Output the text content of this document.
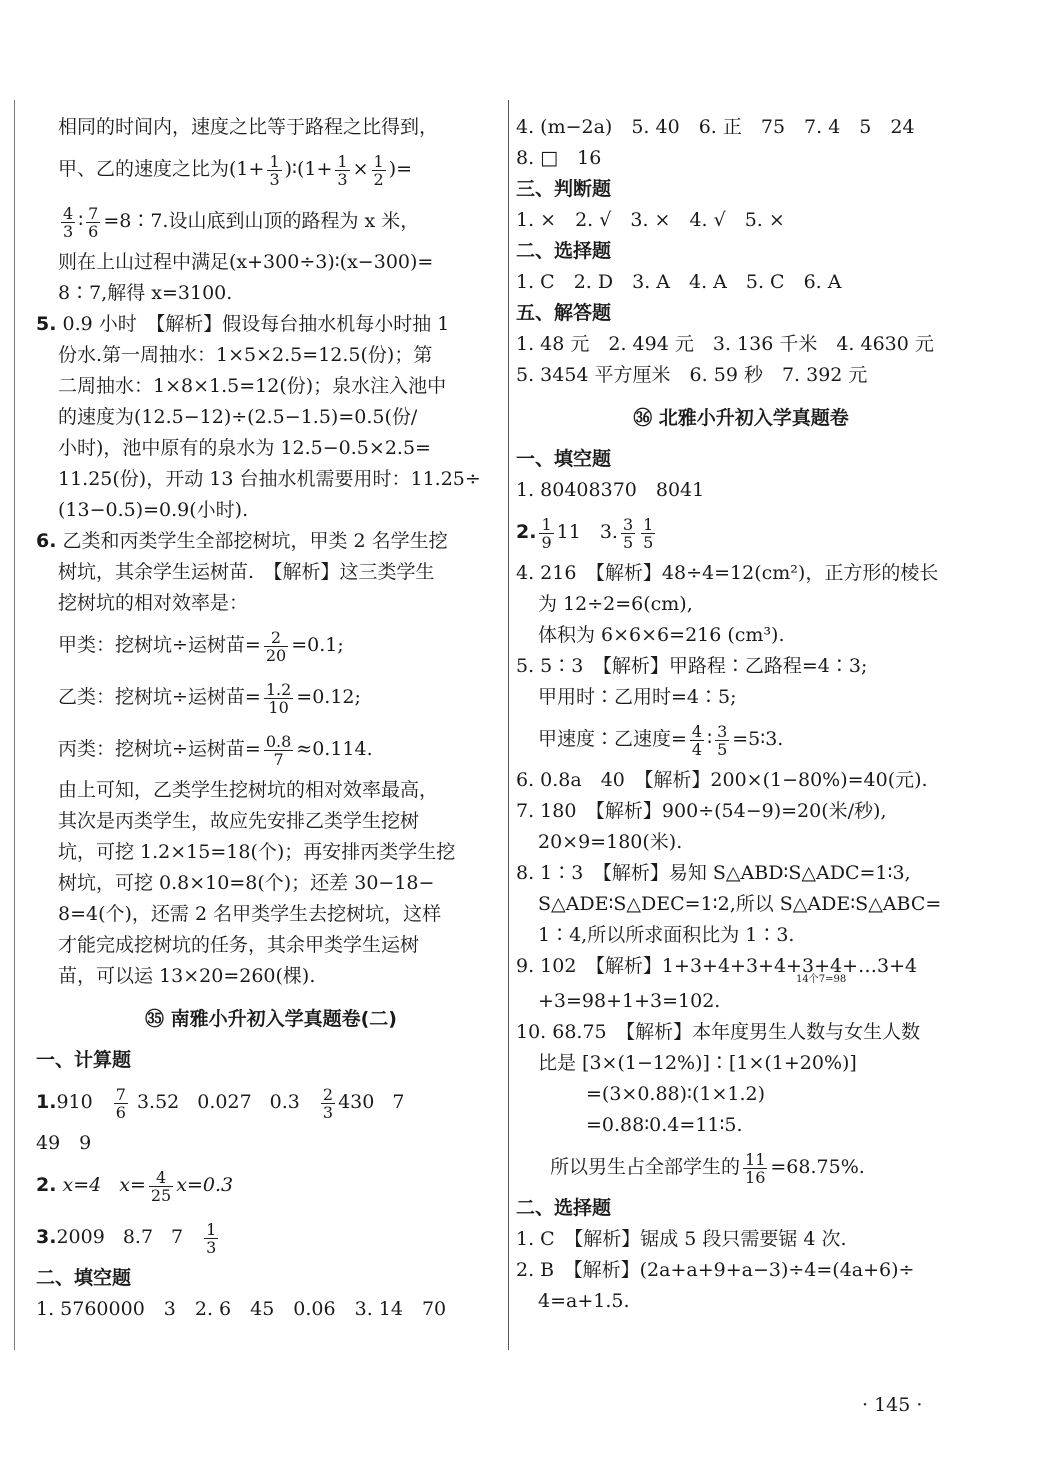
相同的时间内，速度之比等于路程之比得到，
甲、乙的速度之比为($1+ \frac{1}{3}$ )∶(1+ $\frac{1}{3} \times \frac{1}{2}$ )=
$\frac{4}{3}$ ∶ $\frac{7}{6}$ =8∶7.设山底到山顶的路程为 x 米，
则在上山过程中满足(x+300÷3)∶(x−300)=
8∶7,解得 x=3100.
5. 0.9 小时　【解析】假设每台抽水机每小时抽 1
份水.第一周抽水：1×5×2.5=12.5(份)；第
二周抽水：1×8×1.5=12(份)；泉水注入池中
的速度为(12.5−12)÷(2.5−1.5)=0.5(份/
小时)，池中原有的泉水为 12.5−0.5×2.5=
11.25(份)，开动 13 台抽水机需要用时：11.25÷
(13−0.5)=0.9(小时).
6. 乙类和丙类学生全部挖树坑，甲类 2 名学生挖
树坑，其余学生运树苗.　【解析】这三类学生
挖树坑的相对效率是：
甲类：挖树坑÷运树苗= $\frac{2}{20} =0.1$;
乙类：挖树坑÷运树苗= $\frac{1.2}{10} =0.12$;
丙类：挖树坑÷运树苗= $\frac{0.8}{7} \approx 0.114$.
由上可知，乙类学生挖树坑的相对效率最高，
其次是丙类学生，故应先安排乙类学生挖树
坑，可挖 1.2×15=18(个)；再安排丙类学生挖
树坑，可挖 0.8×10=8(个)；还差 30−18−
8=4(个)，还需 2 名甲类学生去挖树坑，这样
才能完成挖树坑的任务，其余甲类学生运树
苗，可以运 13×20=260(棵).
㉟ 南雅小升初入学真题卷(二)
一、计算题
$1.910 \frac{7}{6} 3.52$ 0.027 $0.3 \frac{2}{3} 430$ 7
49　9
2. x=4 $x= \frac{4}{25} x=0.3$
3.2009 8.7 $7 \frac{1}{3}$
二、填空题
1. 5760000　3　2. 6　45　0.06　3. 14　70
4. (m−2a)　5. 40　6. 正　75　7. 4　5　24
8. □　16
三、判断题
1. ×　2. √　3. ×　4. √　5. ×
二、选择题
1. C　2. D　3. A　4. A　5. C　6. A
五、解答题
1. 48 元　2. 494 元　3. 136 千米　4. 4630 元
5. 3454 平方厘米　6. 59 秒　7. 392 元
㊱ 北雅小升初入学真题卷
一、填空题
1. 80408370　8041
2. $\frac{1}{9} 11$　3. $\frac{3}{5} \frac{1}{5}$
4. 216　【解析】48÷4=12(cm²)，正方形的棱长
为 12÷2=6(cm),
体积为 6×6×6=216 (cm³).
5. 5∶3　【解析】甲路程∶乙路程=4∶3;
甲用时∶乙用时=4∶5;
甲速度∶乙速度= $\frac{4}{4}$ ∶ $\frac{3}{5}$ =5∶3.
6. 0.8a　40　【解析】200×(1−80%)=40(元).
7. 180　【解析】900÷(54−9)=20(米/秒),
20×9=180(米).
8. 1∶3　【解析】易知 S△ABD∶S△ADC=1∶3,
S△ADE∶S△DEC=1∶2,所以 S△ADE∶S△ABC=
1∶4,所以所求面积比为 1∶3.
9. 102　【解析】1+3+4+3+4+3+4+…3+4
14个7=98
+3=98+1+3=102.
10. 68.75　【解析】本年度男生人数与女生人数
比是 [3×(1−12%)]∶[1×(1+20%)]
=(3×0.88)∶(1×1.2)
=0.88∶0.4=11∶5.
所以男生占全部学生的 $\frac{11}{16} =68.75\%$.
二、选择题
1. C　【解析】锯成 5 段只需要锯 4 次.
2. B　【解析】(2a+a+9+a−3)÷4=(4a+6)÷
4=a+1.5.
· 145 ·
